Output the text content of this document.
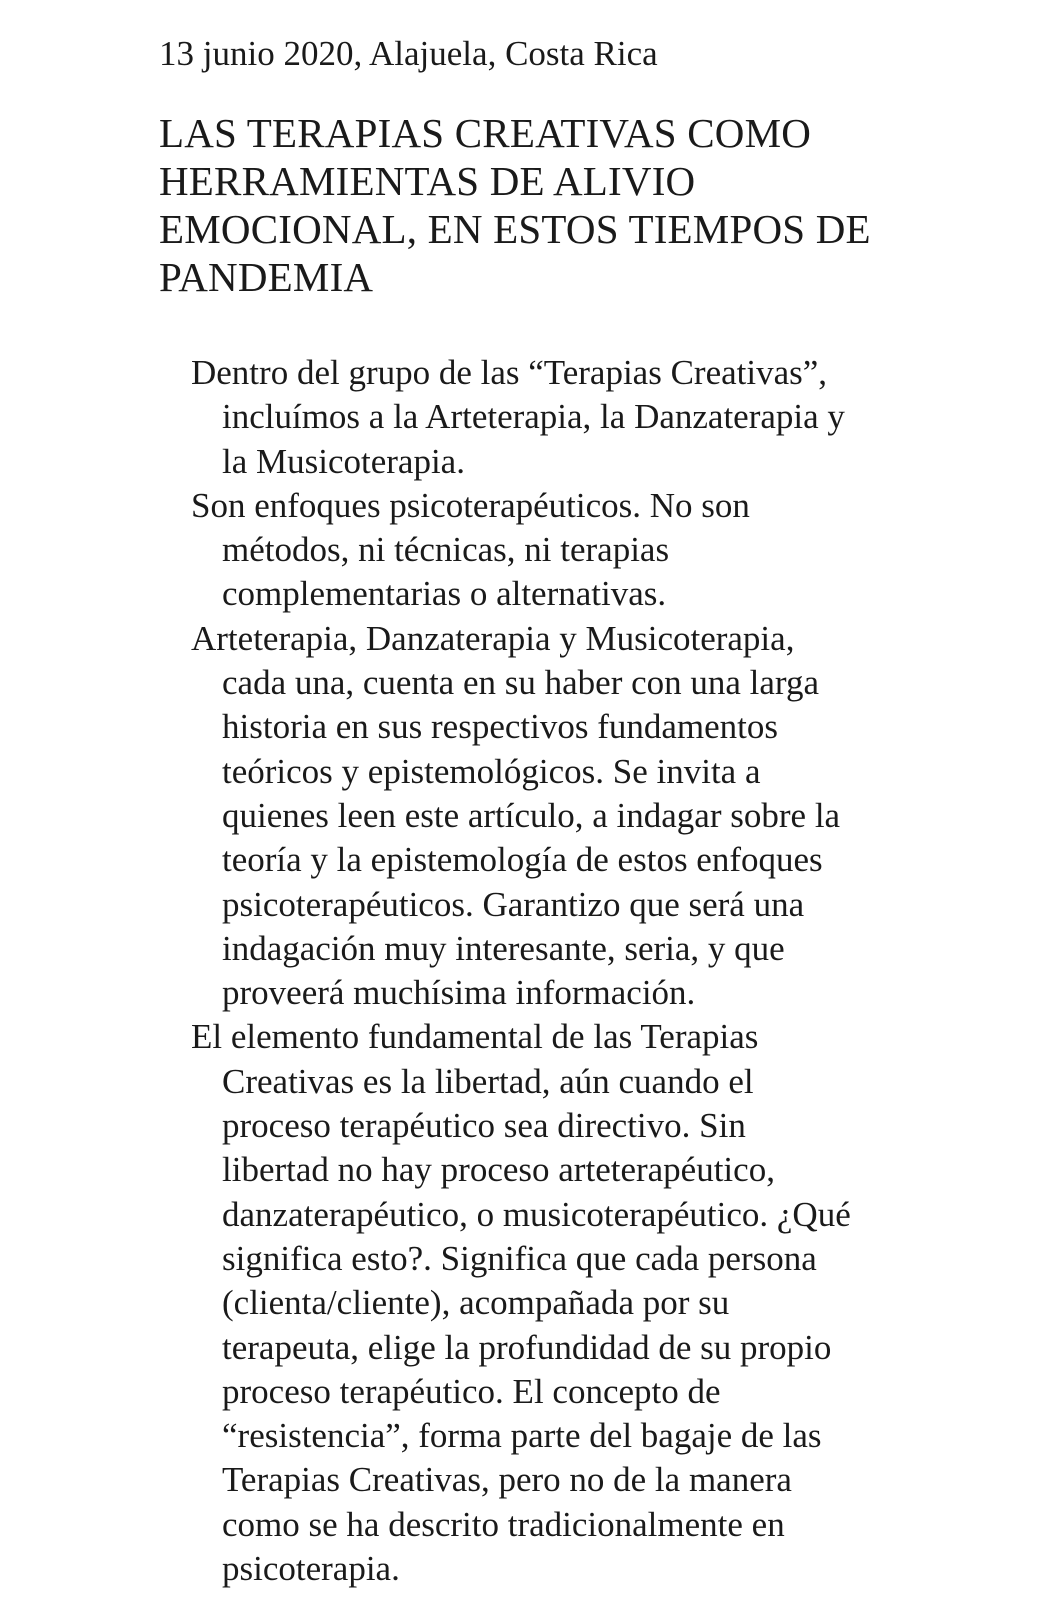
13 junio 2020, Alajuela, Costa Rica
LAS TERAPIAS CREATIVAS COMO
HERRAMIENTAS DE ALIVIO
EMOCIONAL, EN ESTOS TIEMPOS DE
PANDEMIA
Dentro del grupo de las “Terapias Creativas”,
incluímos a la Arteterapia, la Danzaterapia y
la Musicoterapia.
Son enfoques psicoterapéuticos. No son
métodos, ni técnicas, ni terapias
complementarias o alternativas.
Arteterapia, Danzaterapia y Musicoterapia,
cada una, cuenta en su haber con una larga
historia en sus respectivos fundamentos
teóricos y epistemológicos. Se invita a
quienes leen este artículo, a indagar sobre la
teoría y la epistemología de estos enfoques
psicoterapéuticos. Garantizo que será una
indagación muy interesante, seria, y que
proveerá muchísima información.
El elemento fundamental de las Terapias
Creativas es la libertad, aún cuando el
proceso terapéutico sea directivo. Sin
libertad no hay proceso arteterapéutico,
danzaterapéutico, o musicoterapéutico. ¿Qué
significa esto?. Significa que cada persona
(clienta/cliente), acompañada por su
terapeuta, elige la profundidad de su propio
proceso terapéutico. El concepto de
“resistencia”, forma parte del bagaje de las
Terapias Creativas, pero no de la manera
como se ha descrito tradicionalmente en
psicoterapia.
